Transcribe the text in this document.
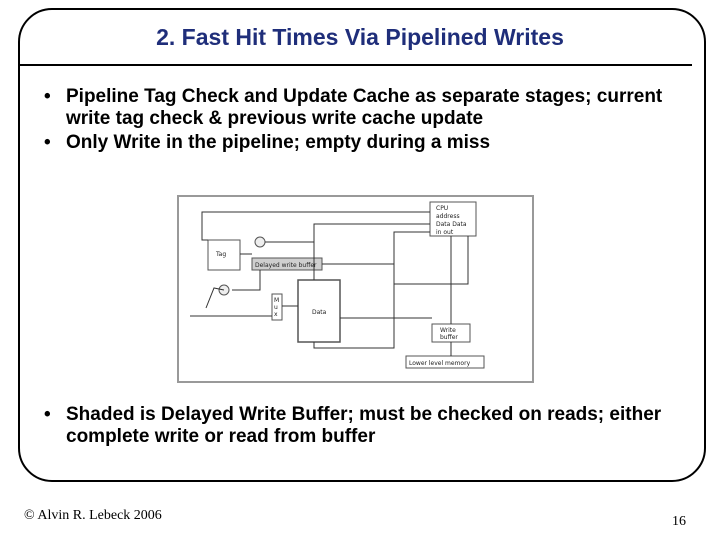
2. Fast Hit Times Via Pipelined Writes
• Pipeline Tag Check and Update Cache as separate stages; current write tag check & previous write cache update
• Only Write in the pipeline; empty during a miss
CPU
address
Data Data
in out
Tag
Delayed write buffer
M
u
x	Data
Write
buffer
Lower level memory
• Shaded is Delayed Write Buffer; must be checked on reads; either complete write or read from buffer
© Alvin R. Lebeck 2006	16
